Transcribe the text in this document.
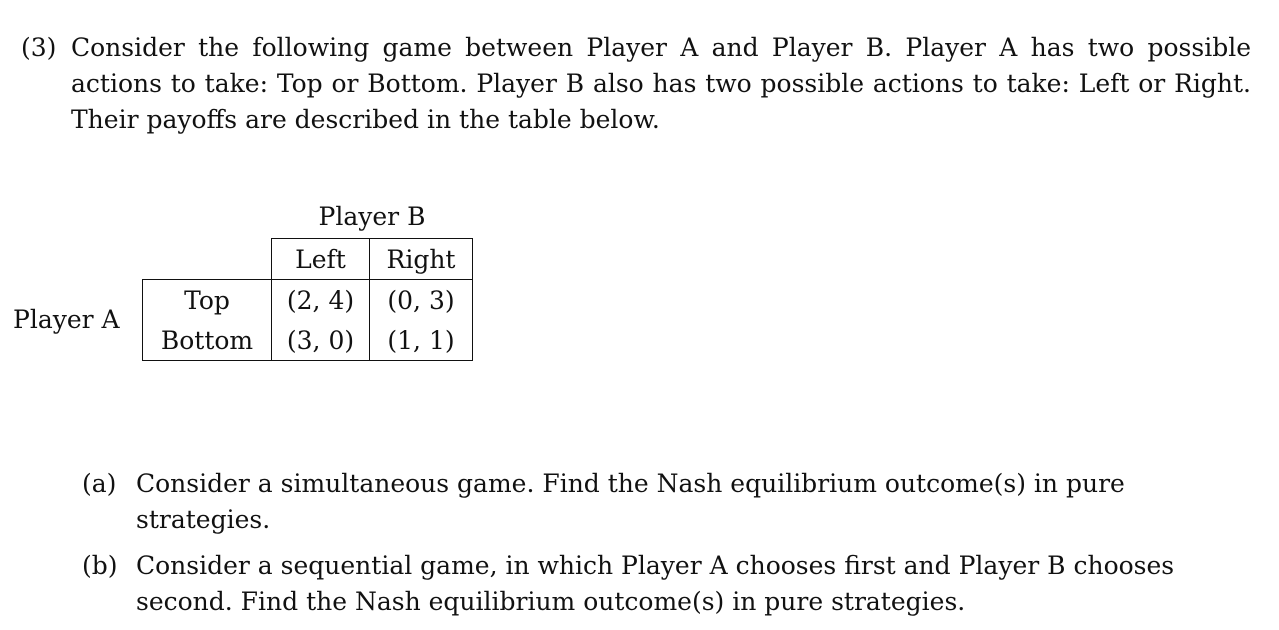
(3) Consider the following game between Player A and Player B. Player A has two possible actions to take: Top or Bottom. Player B also has two possible actions to take: Left or Right. Their payoffs are described in the table below.
Player B
Player A
	Left	Right
Top	(2, 4)	(0, 3)
Bottom	(3, 0)	(1, 1)
(a) Consider a simultaneous game. Find the Nash equilibrium outcome(s) in pure strategies.
(b) Consider a sequential game, in which Player A chooses first and Player B chooses second. Find the Nash equilibrium outcome(s) in pure strategies.
